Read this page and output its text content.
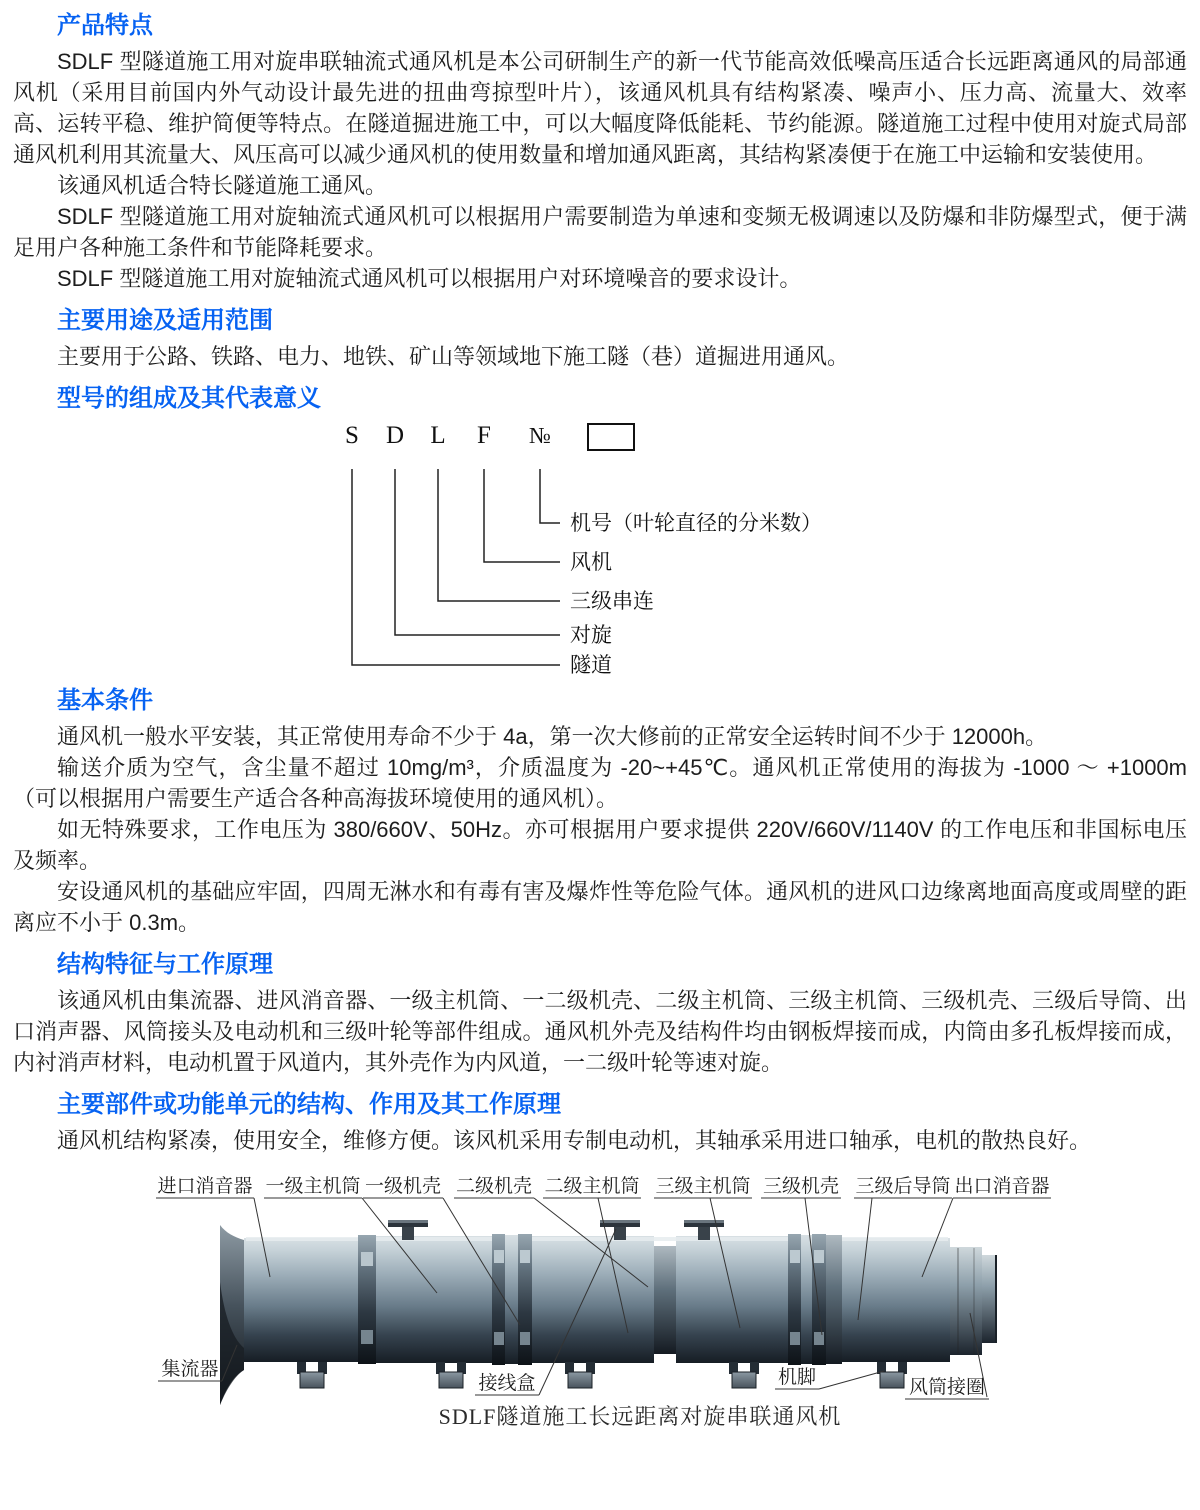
产品特点

SDLF 型隧道施工用对旋串联轴流式通风机是本公司研制生产的新一代节能高效低噪高压适合长远距离通风的局部通风机（采用目前国内外气动设计最先进的扭曲弯掠型叶片），该通风机具有结构紧凑、噪声小、压力高、流量大、效率高、运转平稳、维护简便等特点。在隧道掘进施工中，可以大幅度降低能耗、节约能源。隧道施工过程中使用对旋式局部通风机利用其流量大、风压高可以减少通风机的使用数量和增加通风距离，其结构紧凑便于在施工中运输和安装使用。

该通风机适合特长隧道施工通风。

SDLF 型隧道施工用对旋轴流式通风机可以根据用户需要制造为单速和变频无极调速以及防爆和非防爆型式，便于满足用户各种施工条件和节能降耗要求。

SDLF 型隧道施工用对旋轴流式通风机可以根据用户对环境噪音的要求设计。

主要用途及适用范围

主要用于公路、铁路、电力、地铁、矿山等领域地下施工隧（巷）道掘进用通风。

型号的组成及其代表意义
S D L F №
机号（叶轮直径的分米数）
风机
三级串连
对旋
隧道
基本条件

通风机一般水平安装，其正常使用寿命不少于 4a，第一次大修前的正常安全运转时间不少于 12000h。

输送介质为空气，含尘量不超过 10mg/m³，介质温度为 -20~+45℃。通风机正常使用的海拔为 -1000 ～ +1000m（可以根据用户需要生产适合各种高海拔环境使用的通风机）。

如无特殊要求，工作电压为 380/660V、50Hz。亦可根据用户要求提供 220V/660V/1140V 的工作电压和非国标电压及频率。

安设通风机的基础应牢固，四周无淋水和有毒有害及爆炸性等危险气体。通风机的进风口边缘离地面高度或周壁的距离应不小于 0.3m。

结构特征与工作原理

该通风机由集流器、进风消音器、一级主机筒、一二级机壳、二级主机筒、三级主机筒、三级机壳、三级后导筒、出口消声器、风筒接头及电动机和三级叶轮等部件组成。通风机外壳及结构件均由钢板焊接而成，内筒由多孔板焊接而成，内衬消声材料，电动机置于风道内，其外壳作为内风道，一二级叶轮等速对旋。

主要部件或功能单元的结构、作用及其工作原理

通风机结构紧凑，使用安全，维修方便。该风机采用专制电动机，其轴承采用进口轴承，电机的散热良好。

进口消音器 一级主机筒 一级机壳 二级机壳 二级主机筒 三级主机筒 三级机壳 三级后导筒 出口消音器
集流器
接线盒	机脚	风筒接圈
SDLF隧道施工长远距离对旋串联通风机
